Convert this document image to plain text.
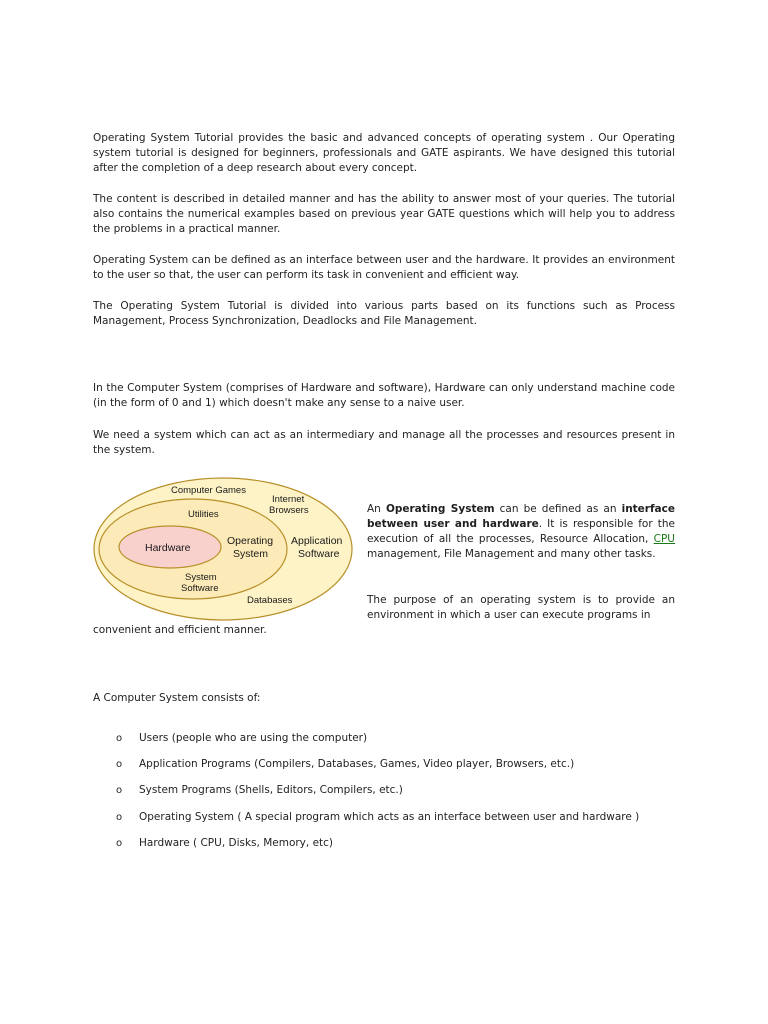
Operating System Tutorial provides the basic and advanced concepts of operating system . Our Operating system tutorial is designed for beginners, professionals and GATE aspirants. We have designed this tutorial after the completion of a deep research about every concept.

The content is described in detailed manner and has the ability to answer most of your queries. The tutorial also contains the numerical examples based on previous year GATE questions which will help you to address the problems in a practical manner.

Operating System can be defined as an interface between user and the hardware. It provides an environment to the user so that, the user can perform its task in convenient and efficient way.

The Operating System Tutorial is divided into various parts based on its functions such as Process Management, Process Synchronization, Deadlocks and File Management.

In the Computer System (comprises of Hardware and software), Hardware can only understand machine code (in the form of 0 and 1) which doesn't make any sense to a naive user.

We need a system which can act as an intermediary and manage all the processes and resources present in the system.

Computer Games
Internet
Browsers
Databases
Utilities
Application
Software
System
Software
Operating
System
Hardware

An Operating System can be defined as an interface between user and hardware. It is responsible for the execution of all the processes, Resource Allocation, CPU management, File Management and many other tasks.

The purpose of an operating system is to provide an environment in which a user can execute programs in

convenient and efficient manner.

A Computer System consists of:

o Users (people who are using the computer)
o Application Programs (Compilers, Databases, Games, Video player, Browsers, etc.)
o System Programs (Shells, Editors, Compilers, etc.)
o Operating System ( A special program which acts as an interface between user and hardware )
o Hardware ( CPU, Disks, Memory, etc)
